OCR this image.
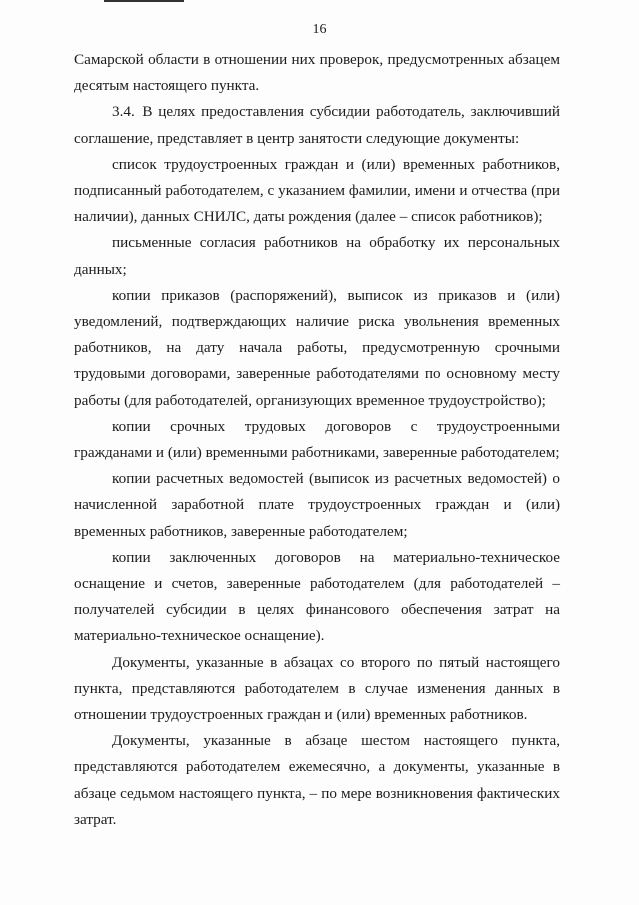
16

Самарской области в отношении них проверок, предусмотренных абзацем десятым настоящего пункта.

3.4. В целях предоставления субсидии работодатель, заключивший соглашение, представляет в центр занятости следующие документы:

список трудоустроенных граждан и (или) временных работников, подписанный работодателем, с указанием фамилии, имени и отчества (при наличии), данных СНИЛС, даты рождения (далее – список работников);

письменные согласия работников на обработку их персональных данных;

копии приказов (распоряжений), выписок из приказов и (или) уведомлений, подтверждающих наличие риска увольнения временных работников, на дату начала работы, предусмотренную срочными трудовыми договорами, заверенные работодателями по основному месту работы (для работодателей, организующих временное трудоустройство);

копии срочных трудовых договоров с трудоустроенными гражданами и (или) временными работниками, заверенные работодателем;

копии расчетных ведомостей (выписок из расчетных ведомостей) о начисленной заработной плате трудоустроенных граждан и (или) временных работников, заверенные работодателем;

копии заключенных договоров на материально-техническое оснащение и счетов, заверенные работодателем (для работодателей – получателей субсидии в целях финансового обеспечения затрат на материально-техническое оснащение).

Документы, указанные в абзацах со второго по пятый настоящего пункта, представляются работодателем в случае изменения данных в отношении трудоустроенных граждан и (или) временных работников.

Документы, указанные в абзаце шестом настоящего пункта, представляются работодателем ежемесячно, а документы, указанные в абзаце седьмом настоящего пункта, – по мере возникновения фактических затрат.
